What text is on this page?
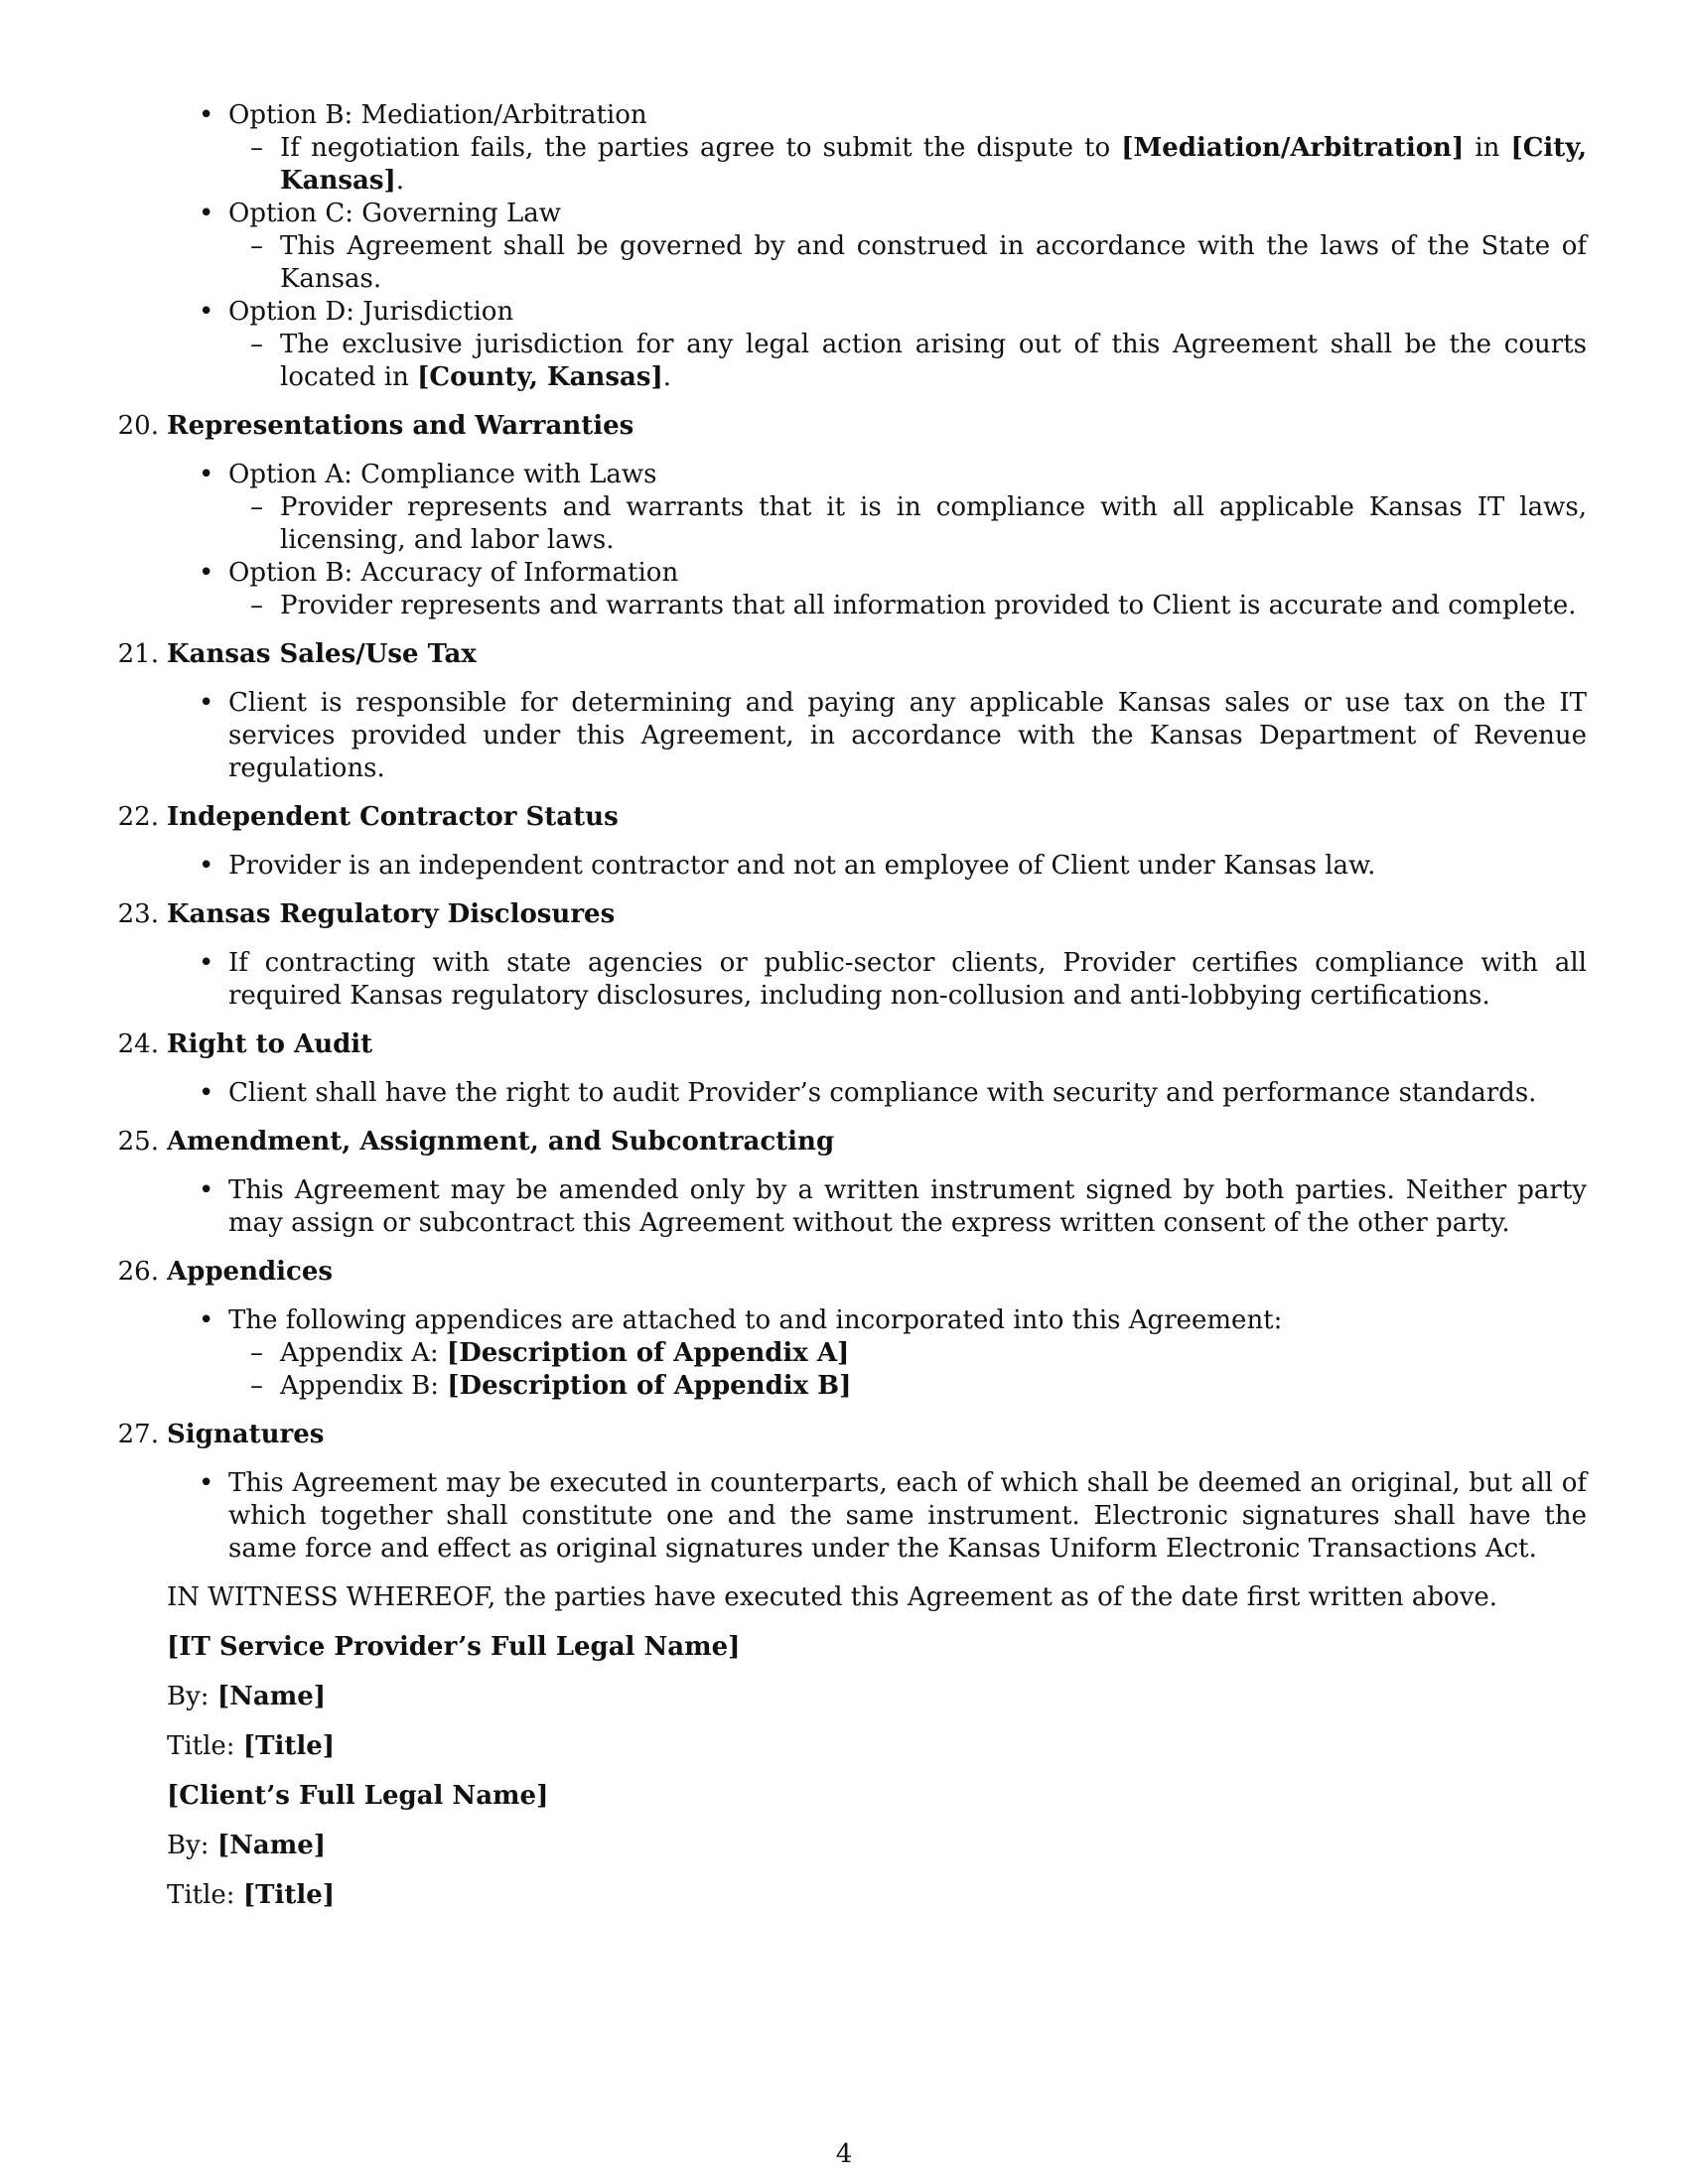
• Option B: Mediation/Arbitration

– If negotiation fails, the parties agree to submit the dispute to [Mediation/Arbitration] in [City, Kansas].

• Option C: Governing Law

– This Agreement shall be governed by and construed in accordance with the laws of the State of Kansas.

• Option D: Jurisdiction

– The exclusive jurisdiction for any legal action arising out of this Agreement shall be the courts located in [County, Kansas].

20. Representations and Warranties

• Option A: Compliance with Laws

– Provider represents and warrants that it is in compliance with all applicable Kansas IT laws, licensing, and labor laws.

• Option B: Accuracy of Information

– Provider represents and warrants that all information provided to Client is accurate and complete.

21. Kansas Sales/Use Tax

• Client is responsible for determining and paying any applicable Kansas sales or use tax on the IT services provided under this Agreement, in accordance with the Kansas Department of Revenue regulations.

22. Independent Contractor Status

• Provider is an independent contractor and not an employee of Client under Kansas law.

23. Kansas Regulatory Disclosures

• If contracting with state agencies or public-sector clients, Provider certifies compliance with all required Kansas regulatory disclosures, including non-collusion and anti-lobbying certifications.

24. Right to Audit

• Client shall have the right to audit Provider’s compliance with security and performance standards.

25. Amendment, Assignment, and Subcontracting

• This Agreement may be amended only by a written instrument signed by both parties. Neither party may assign or subcontract this Agreement without the express written consent of the other party.

26. Appendices

• The following appendices are attached to and incorporated into this Agreement:

– Appendix A: [Description of Appendix A]

– Appendix B: [Description of Appendix B]

27. Signatures

• This Agreement may be executed in counterparts, each of which shall be deemed an original, but all of which together shall constitute one and the same instrument. Electronic signatures shall have the same force and effect as original signatures under the Kansas Uniform Electronic Transactions Act.

IN WITNESS WHEREOF, the parties have executed this Agreement as of the date first written above.

[IT Service Provider’s Full Legal Name]

By: [Name]

Title: [Title]

[Client’s Full Legal Name]

By: [Name]

Title: [Title]

4
